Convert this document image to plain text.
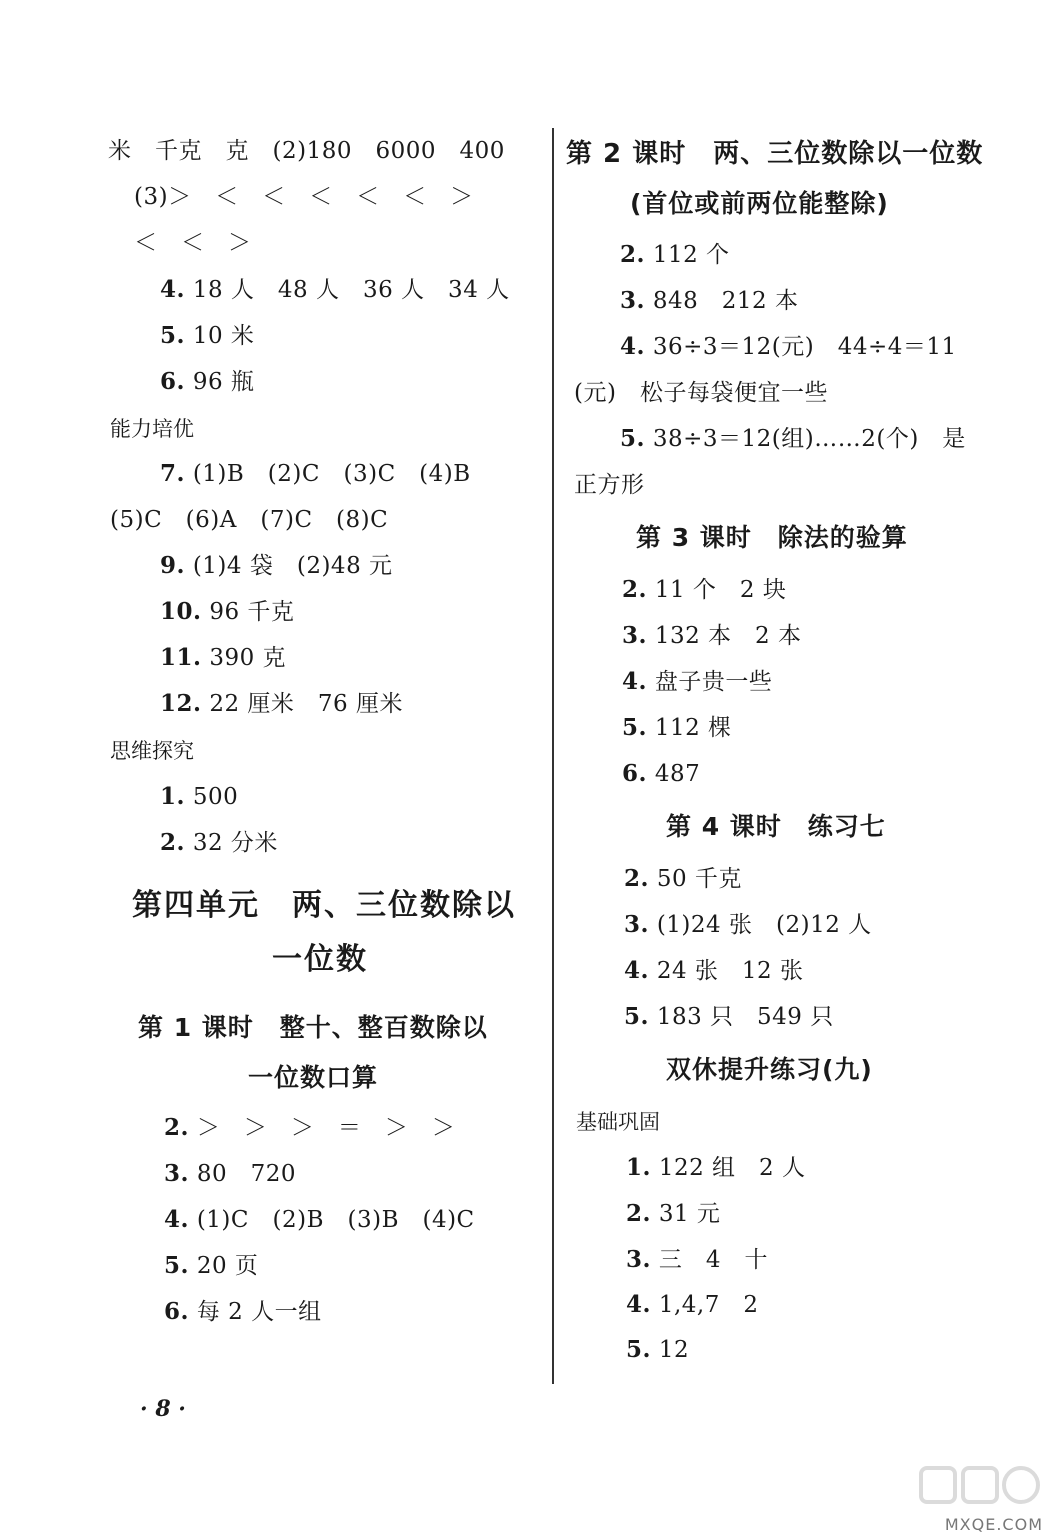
米　千克　克　(2)180　6000　400
(3)＞　＜　＜　＜　＜　＜　＞
＜　＜　＞
4. 18 人　48 人　36 人　34 人
5. 10 米
6. 96 瓶
能力培优
7. (1)B　(2)C　(3)C　(4)B
(5)C　(6)A　(7)C　(8)C
9. (1)4 袋　(2)48 元
10. 96 千克
11. 390 克
12. 22 厘米　76 厘米
思维探究
1. 500
2. 32 分米
第四单元　两、三位数除以
一位数
第 1 课时　整十、整百数除以
一位数口算
2. ＞　＞　＞　＝　＞　＞
3. 80　720
4. (1)C　(2)B　(3)B　(4)C
5. 20 页
6. 每 2 人一组
第 2 课时　两、三位数除以一位数
(首位或前两位能整除)
2. 112 个
3. 848　212 本
4. 36÷3＝12(元)　44÷4＝11
(元)　松子每袋便宜一些
5. 38÷3＝12(组)……2(个)　是
正方形
第 3 课时　除法的验算
2. 11 个　2 块
3. 132 本　2 本
4. 盘子贵一些
5. 112 棵
6. 487
第 4 课时　练习七
2. 50 千克
3. (1)24 张　(2)12 人
4. 24 张　12 张
5. 183 只　549 只
双休提升练习(九)
基础巩固
1. 122 组　2 人
2. 31 元
3. 三　4　十
4. 1,4,7　2
5. 12
· 8 ·
MXQE.COM
